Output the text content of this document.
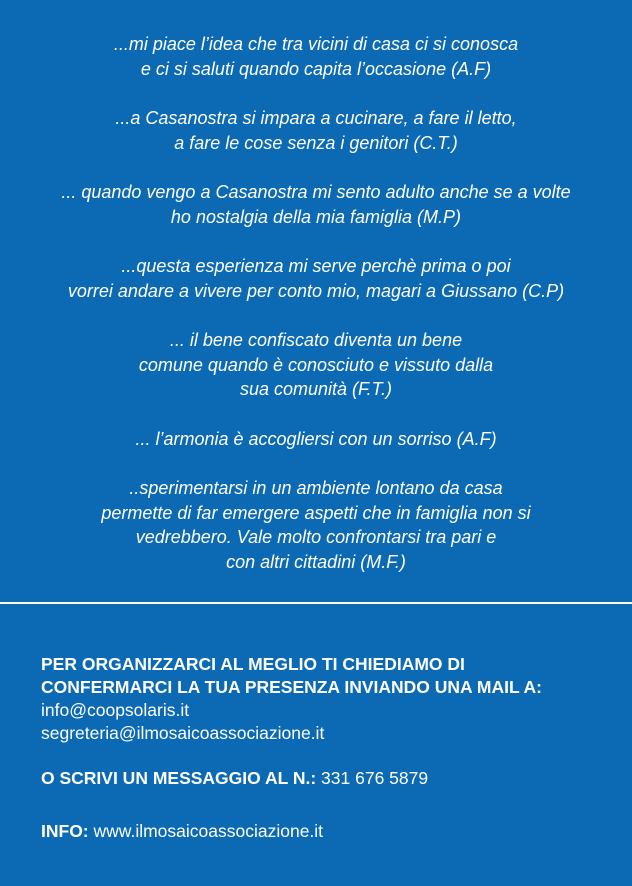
...mi piace l’idea che tra vicini di casa ci si conosca
e ci si saluti quando capita l’occasione (A.F)

...a Casanostra si impara a cucinare, a fare il letto,
a fare le cose senza i genitori (C.T.)

... quando vengo a Casanostra mi sento adulto anche se a volte
ho nostalgia della mia famiglia (M.P)

...questa esperienza mi serve perchè prima o poi
vorrei andare a vivere per conto mio, magari a Giussano (C.P)

... il bene confiscato diventa un bene
comune quando è conosciuto e vissuto dalla
sua comunità (F.T.)

... l’armonia è accogliersi con un sorriso (A.F)

..sperimentarsi in un ambiente lontano da casa
permette di far emergere aspetti che in famiglia non si
vedrebbero. Vale molto confrontarsi tra pari e
con altri cittadini (M.F.)

PER ORGANIZZARCI AL MEGLIO TI CHIEDIAMO DI
CONFERMARCI LA TUA PRESENZA INVIANDO UNA MAIL A:
info@coopsolaris.it
segreteria@ilmosaicoassociazione.it
O SCRIVI UN MESSAGGIO AL N.: 331 676 5879
INFO: www.ilmosaicoassociazione.it
